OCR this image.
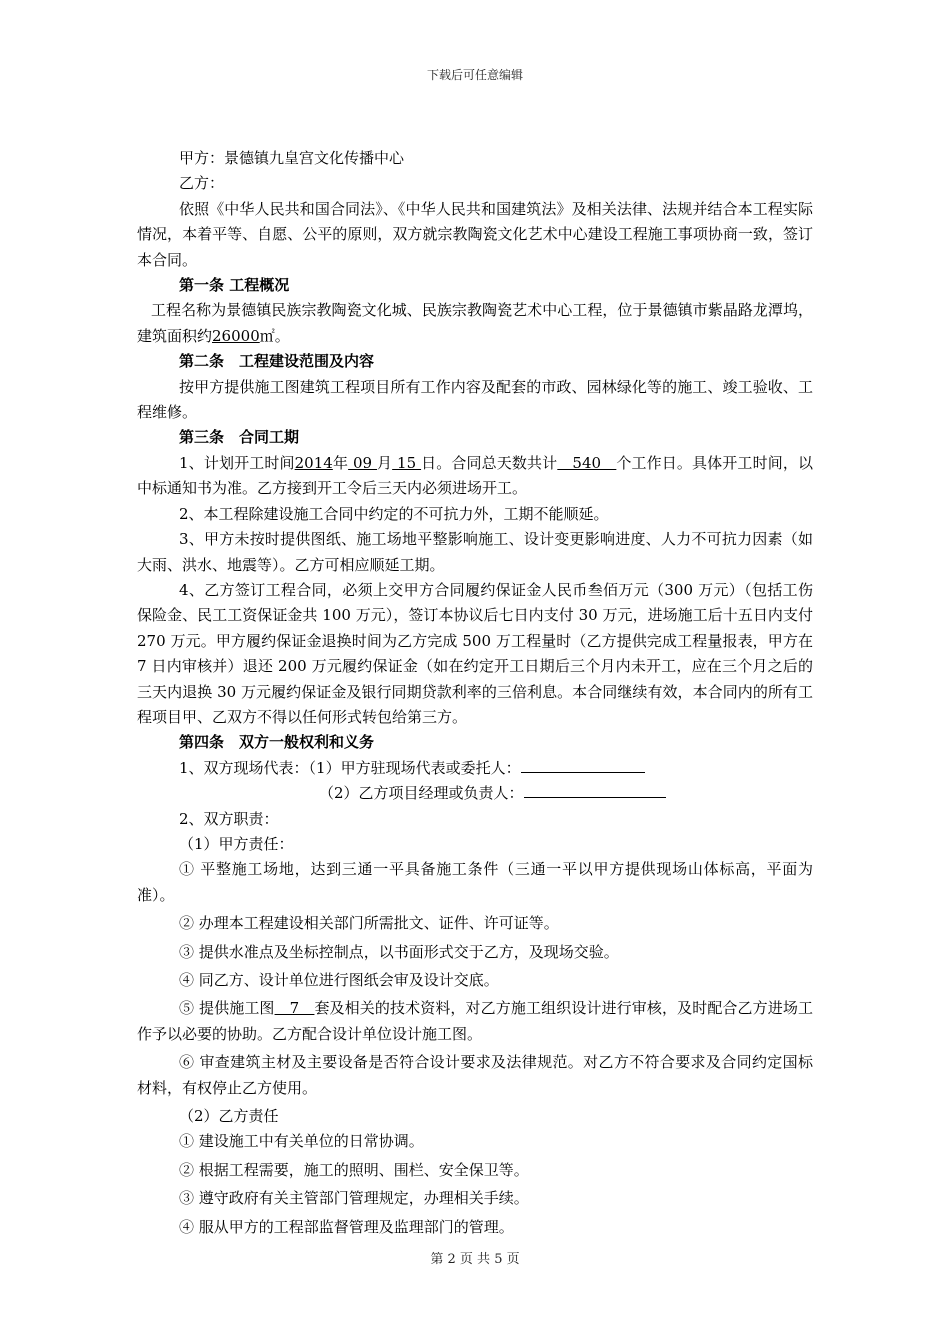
下载后可任意编辑

甲方：景德镇九皇宫文化传播中心

乙方：

依照《中华人民共和国合同法》、《中华人民共和国建筑法》及相关法律、法规并结合本工程实际情况，本着平等、自愿、公平的原则，双方就宗教陶瓷文化艺术中心建设工程施工事项协商一致，签订本合同。

第一条 工程概况

工程名称为景德镇民族宗教陶瓷文化城、民族宗教陶瓷艺术中心工程，位于景德镇市紫晶路龙潭坞，建筑面积约26000㎡。

第二条　工程建设范围及内容

按甲方提供施工图建筑工程项目所有工作内容及配套的市政、园林绿化等的施工、竣工验收、工程维修。

第三条　合同工期

1、计划开工时间2014年 09 月 15 日。合同总天数共计　540　个工作日。具体开工时间，以中标通知书为准。乙方接到开工令后三天内必须进场开工。

2、本工程除建设施工合同中约定的不可抗力外，工期不能顺延。

3、甲方未按时提供图纸、施工场地平整影响施工、设计变更影响进度、人力不可抗力因素（如大雨、洪水、地震等）。乙方可相应顺延工期。

4、乙方签订工程合同，必须上交甲方合同履约保证金人民币叁佰万元（300 万元）（包括工伤保险金、民工工资保证金共 100 万元），签订本协议后七日内支付 30 万元，进场施工后十五日内支付 270 万元。甲方履约保证金退换时间为乙方完成 500 万工程量时（乙方提供完成工程量报表，甲方在 7 日内审核并）退还 200 万元履约保证金（如在约定开工日期后三个月内未开工，应在三个月之后的三天内退换 30 万元履约保证金及银行同期贷款利率的三倍利息。本合同继续有效，本合同内的所有工程项目甲、乙双方不得以任何形式转包给第三方。

第四条　双方一般权利和义务

1、双方现场代表：（1）甲方驻现场代表或委托人：

（2）乙方项目经理或负责人：

2、双方职责：

（1）甲方责任：

① 平整施工场地，达到三通一平具备施工条件（三通一平以甲方提供现场山体标高，平面为准）。

② 办理本工程建设相关部门所需批文、证件、许可证等。

③ 提供水准点及坐标控制点，以书面形式交于乙方，及现场交验。

④ 同乙方、设计单位进行图纸会审及设计交底。

⑤ 提供施工图　7　套及相关的技术资料，对乙方施工组织设计进行审核，及时配合乙方进场工作予以必要的协助。乙方配合设计单位设计施工图。

⑥ 审查建筑主材及主要设备是否符合设计要求及法律规范。对乙方不符合要求及合同约定国标材料，有权停止乙方使用。

（2）乙方责任

① 建设施工中有关单位的日常协调。

② 根据工程需要，施工的照明、围栏、安全保卫等。

③ 遵守政府有关主管部门管理规定，办理相关手续。

④ 服从甲方的工程部监督管理及监理部门的管理。

第 2 页 共 5 页
